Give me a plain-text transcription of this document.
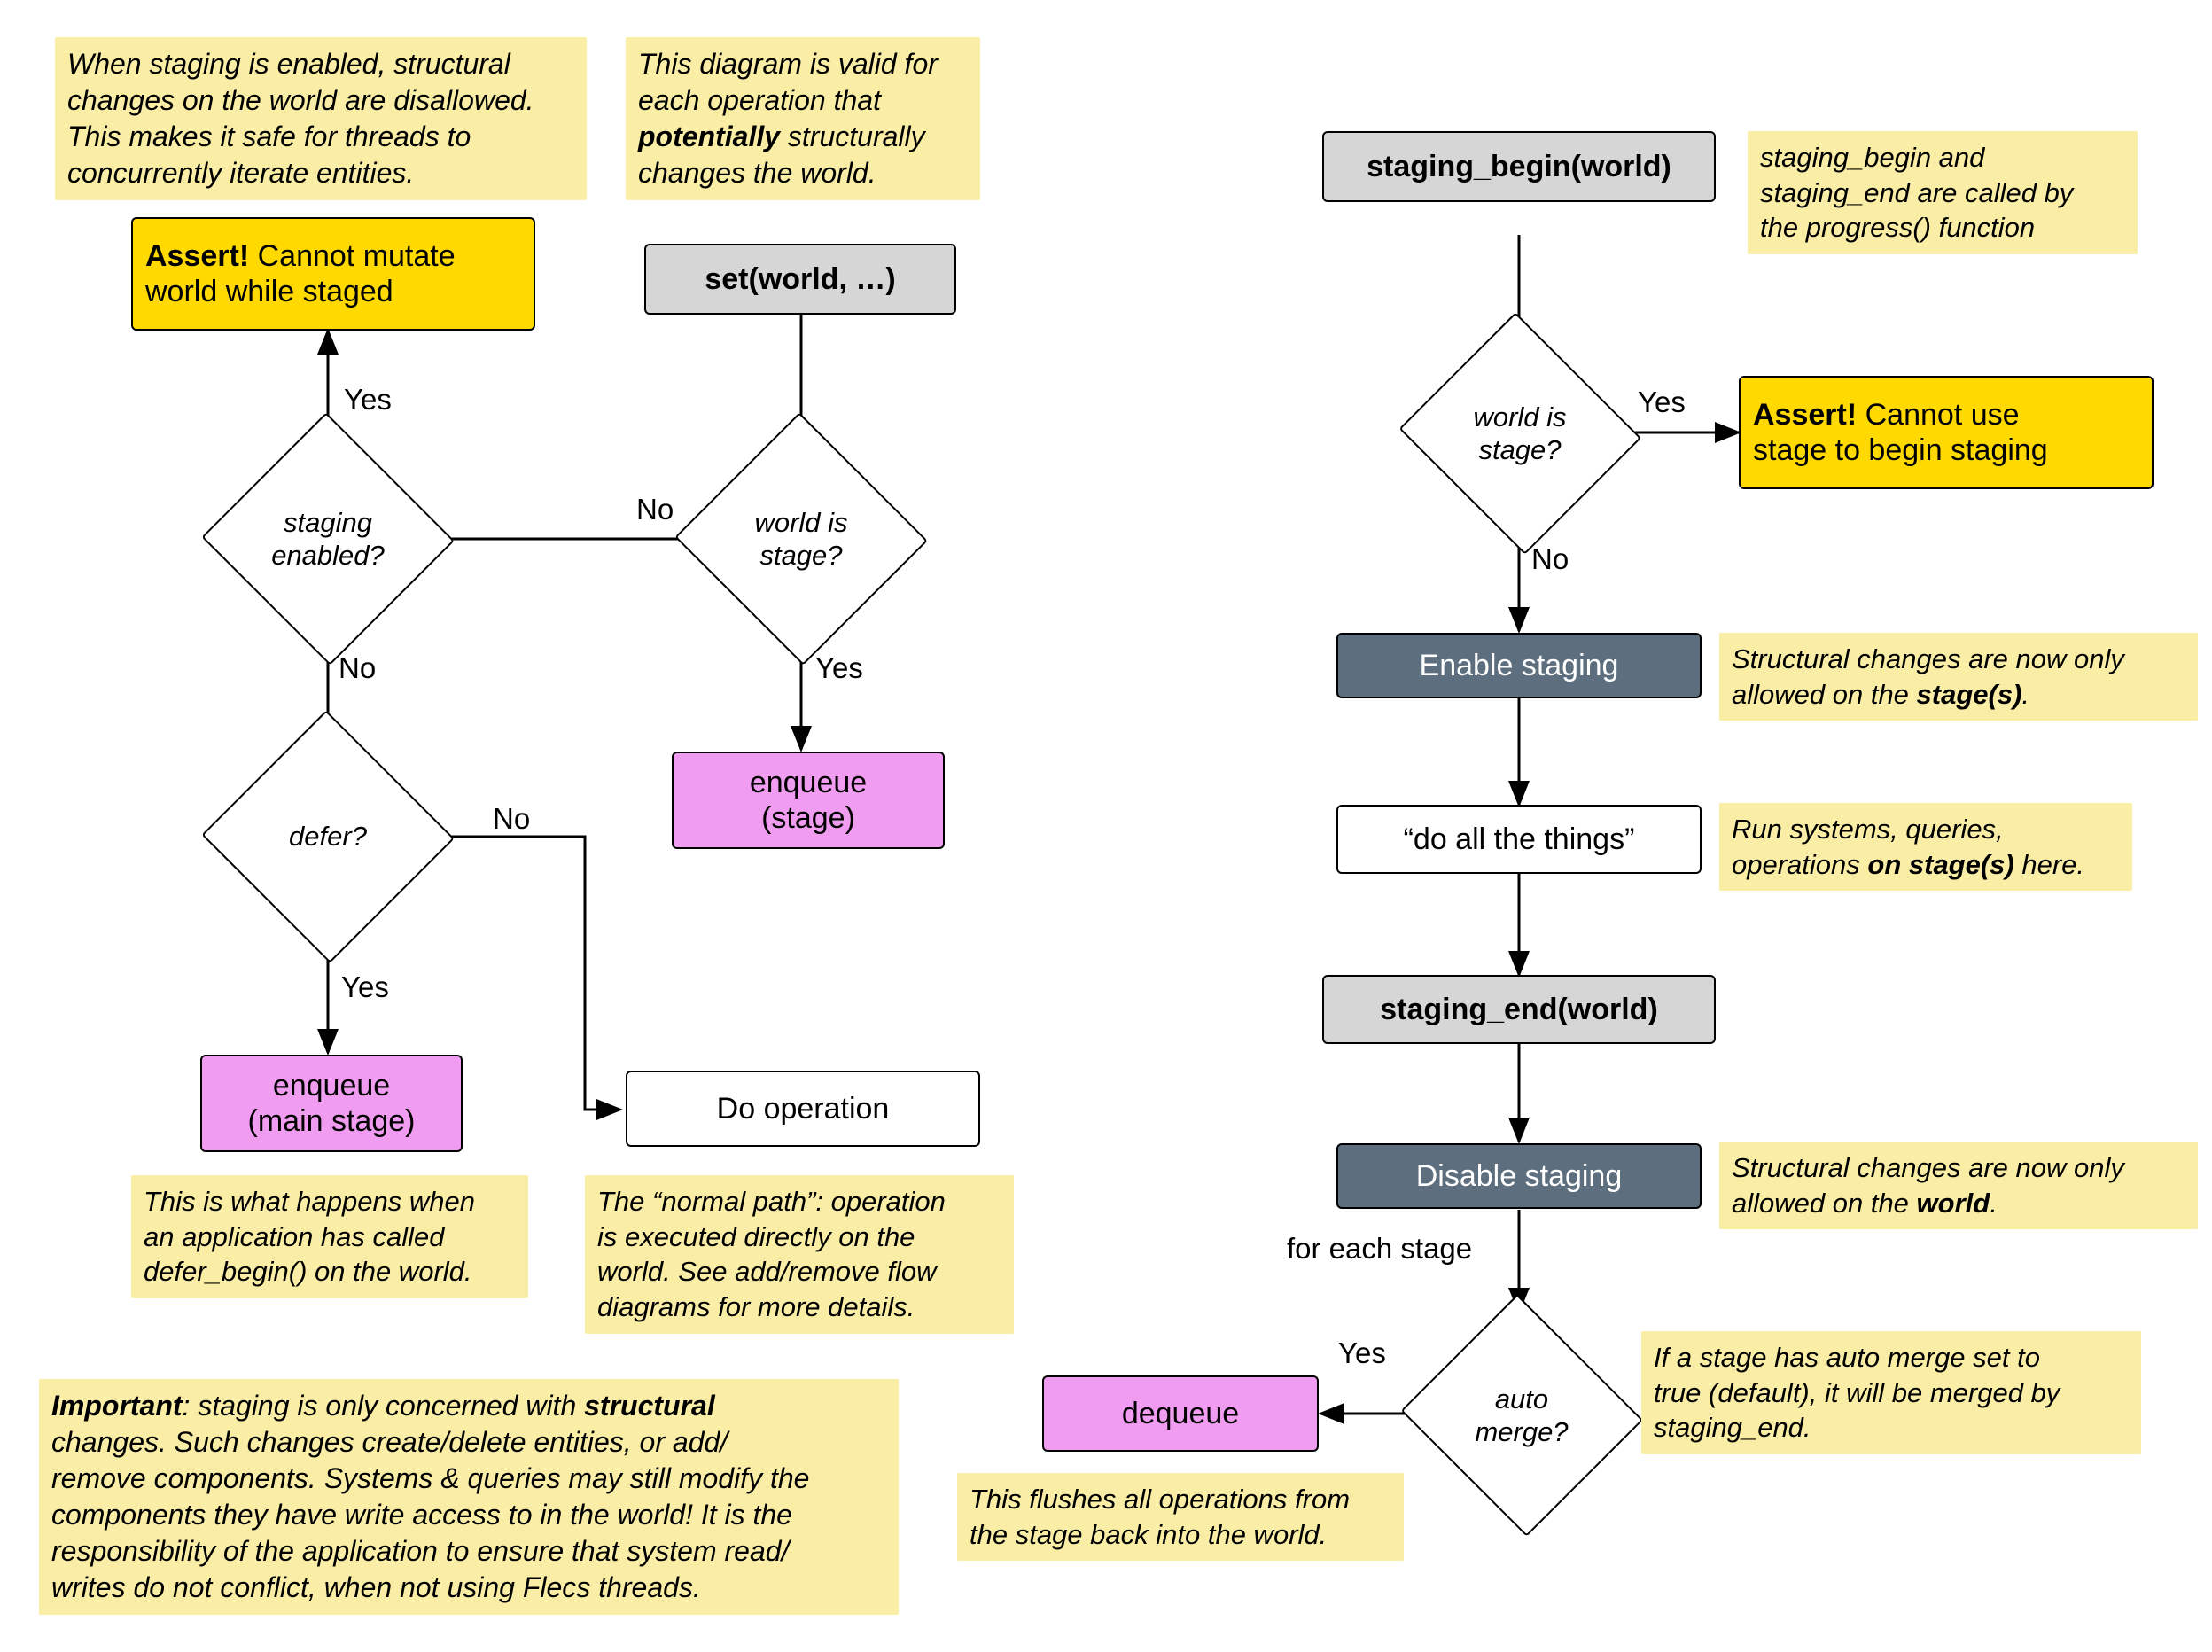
When staging is enabled, structural
changes on the world are disallowed.
This makes it safe for threads to
concurrently iterate entities.
This diagram is valid for
each operation that
potentially structurally
changes the world.
Assert! Cannot mutate
world while staged	set(world, …)
staging
enabled?
world is
stage?
defer?
enqueue
(stage)
enqueue
(main stage)	Do operation
Yes
No
No
Yes
No
Yes
This is what happens when
an application has called
defer_begin() on the world.
The “normal path”: operation
is executed directly on the
world. See add/remove flow
diagrams for more details.
Important: staging is only concerned with structural
changes. Such changes create/delete entities, or add/
remove components. Systems & queries may still modify the
components they have write access to in the world! It is the
responsibility of the application to ensure that system read/
writes do not conflict, when not using Flecs threads.
staging_begin(world)	staging_begin and
staging_end are called by
the progress() function
world is
stage?
Assert! Cannot use
stage to begin staging
Enable staging	Structural changes are now only
allowed on the stage(s).
“do all the things”	Run systems, queries,
operations on stage(s) here.
staging_end(world)
Disable staging	Structural changes are now only
allowed on the world.
for each stage
auto
merge?
dequeue
Yes
No
Yes	If a stage has auto merge set to
true (default), it will be merged by
staging_end.
This flushes all operations from
the stage back into the world.
